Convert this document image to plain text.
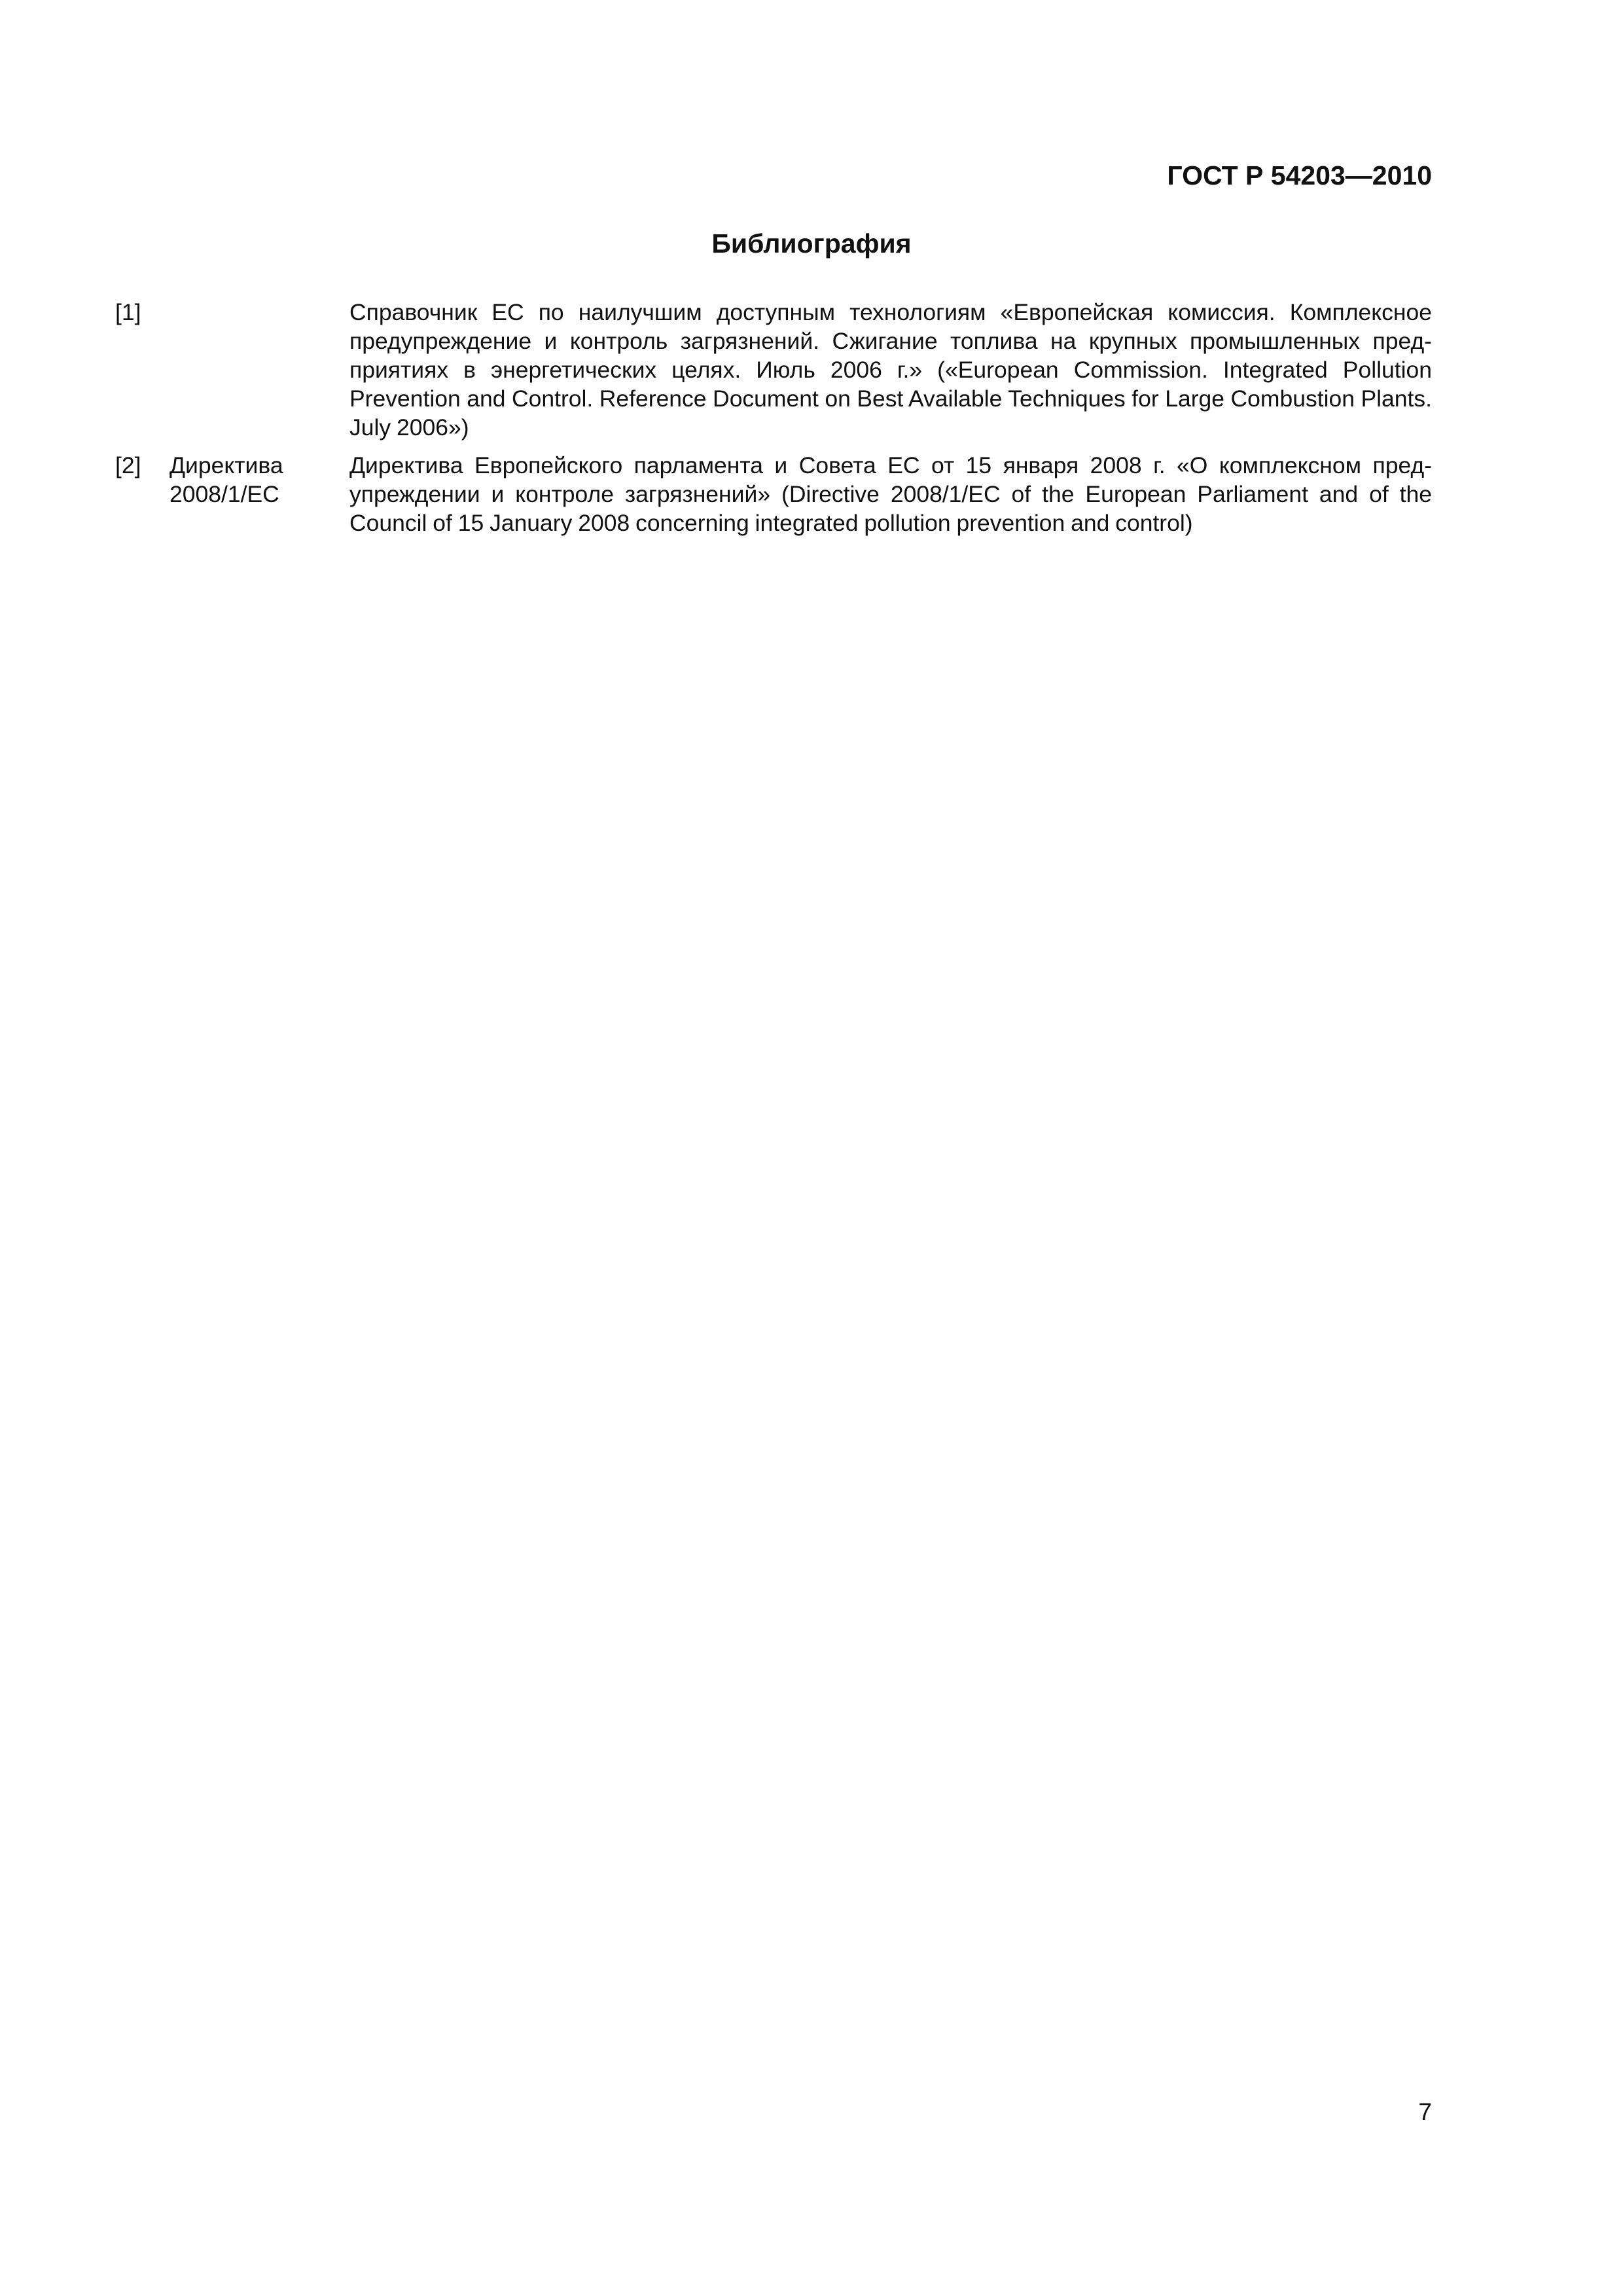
ГОСТ Р 54203—2010
Библиография
[1]	Справочник ЕС по наилучшим доступным технологиям «Европейская комиссия. Комплексное предупреждение и контроль загрязнений. Сжигание топлива на крупных промышленных предприятиях в энергетических целях. Июль 2006 г.» («European Commission. Integrated Pollution Prevention and Control. Reference Document on Best Available Techniques for Large Combustion Plants. July 2006»)
[2]	Директива
2008/1/ЕС
Директива Европейского парламента и Совета ЕС от 15 января 2008 г. «О комплексном предупреждении и контроле загрязнений» (Directive 2008/1/EC of the European Parliament and of the Council of 15 January 2008 concerning integrated pollution prevention and control)
7
